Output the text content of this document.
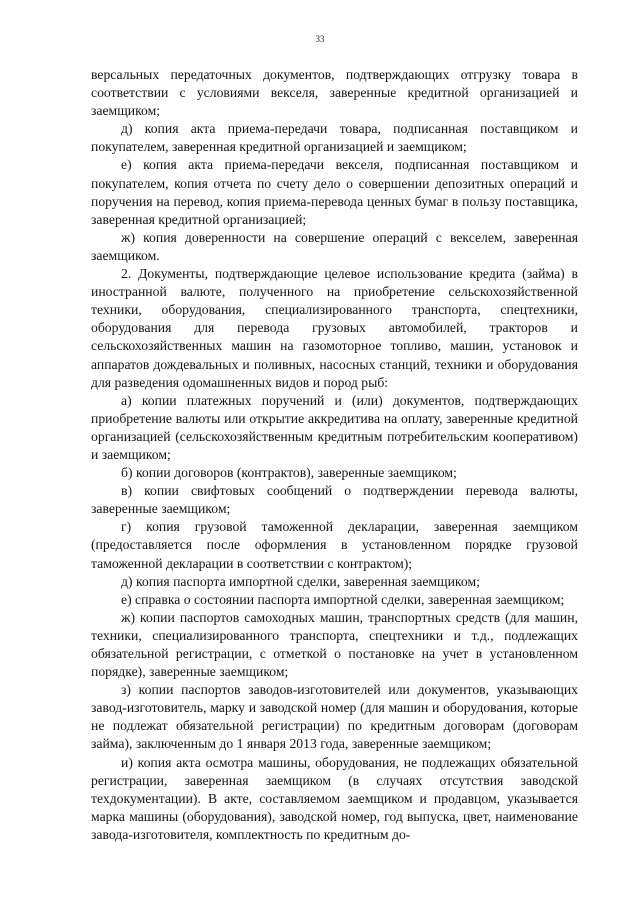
33

версальных передаточных документов, подтверждающих отгрузку товара в соответствии с условиями векселя, заверенные кредитной организацией и заемщиком;

д) копия акта приема-передачи товара, подписанная поставщиком и покупателем, заверенная кредитной организацией и заемщиком;

е) копия акта приема-передачи векселя, подписанная поставщиком и покупателем, копия отчета по счету дело о совершении депозитных операций и поручения на перевод, копия приема-перевода ценных бумаг в пользу поставщика, заверенная кредитной организацией;

ж) копия доверенности на совершение операций с векселем, заверенная заемщиком.

2. Документы, подтверждающие целевое использование кредита (займа) в иностранной валюте, полученного на приобретение сельскохозяйственной техники, оборудования, специализированного транспорта, спецтехники, оборудования для перевода грузовых автомобилей, тракторов и сельскохозяйственных машин на газомоторное топливо, машин, установок и аппаратов дождевальных и поливных, насосных станций, техники и оборудования для разведения одомашненных видов и пород рыб:

а) копии платежных поручений и (или) документов, подтверждающих приобретение валюты или открытие аккредитива на оплату, заверенные кредитной организацией (сельскохозяйственным кредитным потребительским кооперативом) и заемщиком;

б) копии договоров (контрактов), заверенные заемщиком;

в) копии свифтовых сообщений о подтверждении перевода валюты, заверенные заемщиком;

г) копия грузовой таможенной декларации, заверенная заемщиком (предоставляется после оформления в установленном порядке грузовой таможенной декларации в соответствии с контрактом);

д) копия паспорта импортной сделки, заверенная заемщиком;

е) справка о состоянии паспорта импортной сделки, заверенная заемщиком;

ж) копии паспортов самоходных машин, транспортных средств (для машин, техники, специализированного транспорта, спецтехники и т.д., подлежащих обязательной регистрации, с отметкой о постановке на учет в установленном порядке), заверенные заемщиком;

з) копии паспортов заводов-изготовителей или документов, указывающих завод-изготовитель, марку и заводской номер (для машин и оборудования, которые не подлежат обязательной регистрации) по кредитным договорам (договорам займа), заключенным до 1 января 2013 года, заверенные заемщиком;

и) копия акта осмотра машины, оборудования, не подлежащих обязательной регистрации, заверенная заемщиком (в случаях отсутствия заводской техдокументации). В акте, составляемом заемщиком и продавцом, указывается марка машины (оборудования), заводской номер, год выпуска, цвет, наименование завода-изготовителя, комплектность по кредитным до-
